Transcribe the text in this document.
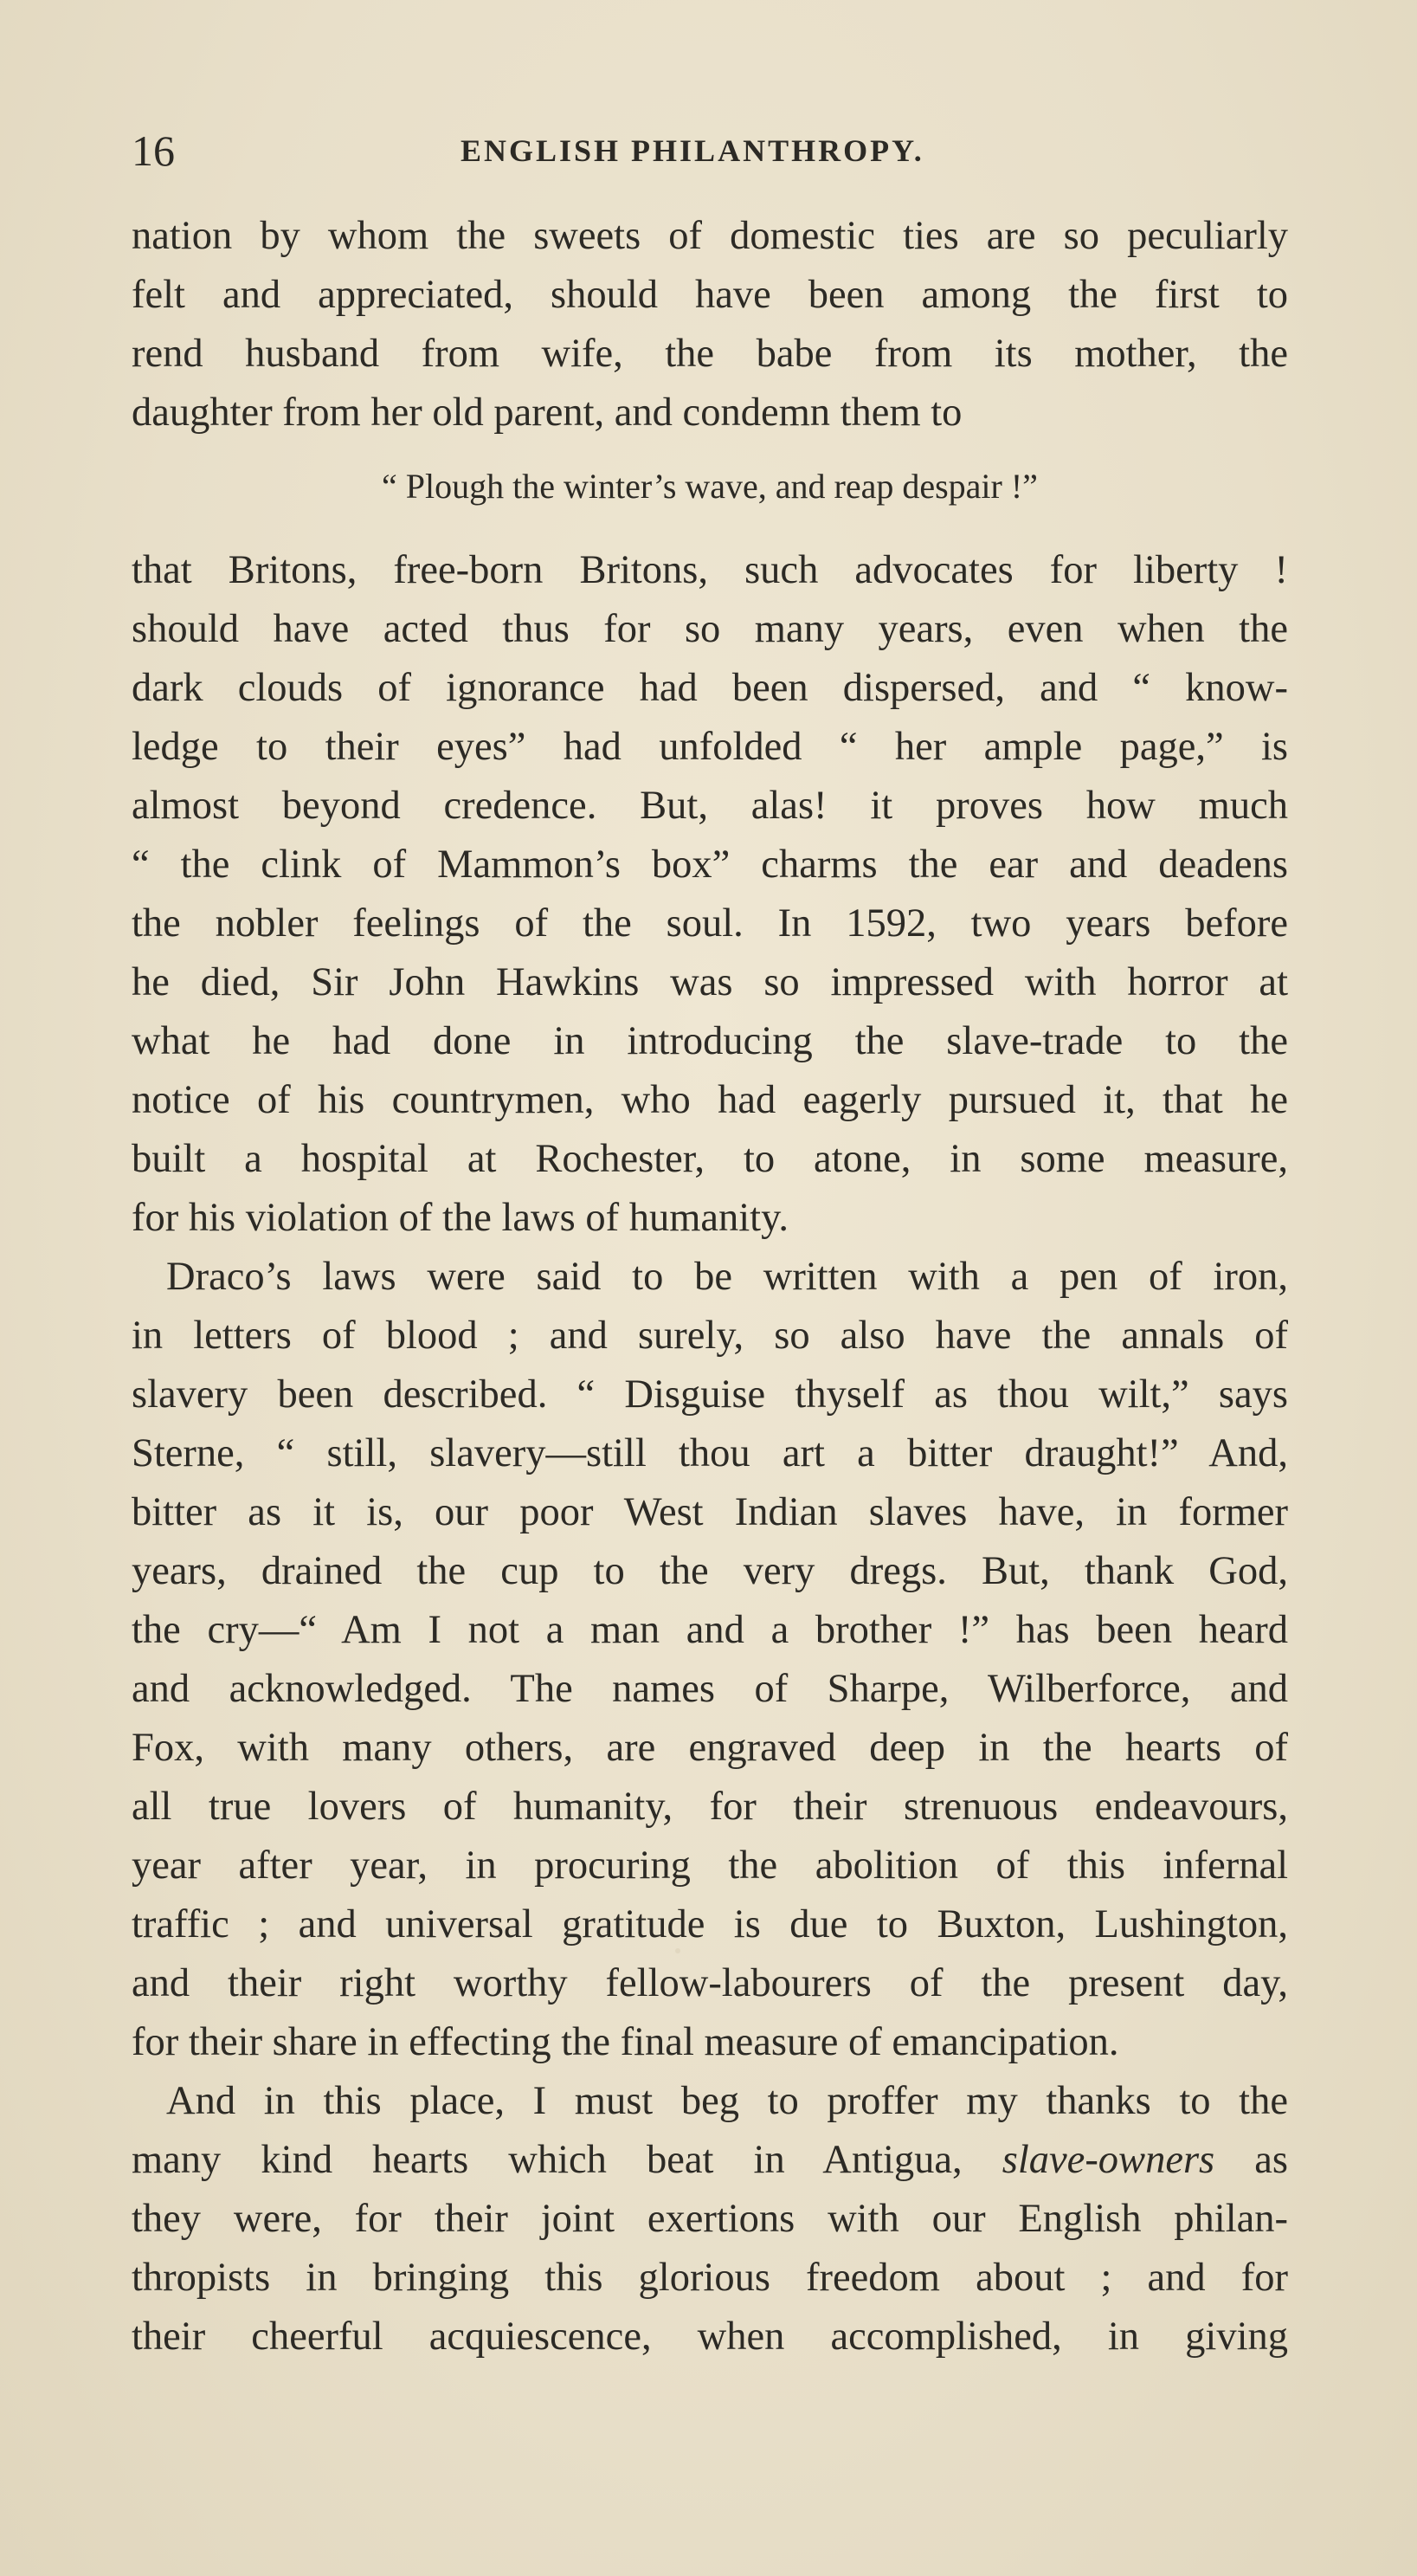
16	ENGLISH PHILANTHROPY.
nation by whom the sweets of domestic ties are so peculiarly
felt and appreciated, should have been among the first to
rend husband from wife, the babe from its mother, the
daughter from her old parent, and condemn them to
“ Plough the winter’s wave, and reap despair !”
that Britons, free-born Britons, such advocates for liberty !
should have acted thus for so many years, even when the
dark clouds of ignorance had been dispersed, and “ know-
ledge to their eyes” had unfolded “ her ample page,” is
almost beyond credence. But, alas! it proves how much
“ the clink of Mammon’s box” charms the ear and deadens
the nobler feelings of the soul. In 1592, two years before
he died, Sir John Hawkins was so impressed with horror at
what he had done in introducing the slave-trade to the
notice of his countrymen, who had eagerly pursued it, that he
built a hospital at Rochester, to atone, in some measure,
for his violation of the laws of humanity.
Draco’s laws were said to be written with a pen of iron,
in letters of blood ; and surely, so also have the annals of
slavery been described. “ Disguise thyself as thou wilt,” says
Sterne, “ still, slavery—still thou art a bitter draught!” And,
bitter as it is, our poor West Indian slaves have, in former
years, drained the cup to the very dregs. But, thank God,
the cry—“ Am I not a man and a brother !” has been heard
and acknowledged. The names of Sharpe, Wilberforce, and
Fox, with many others, are engraved deep in the hearts of
all true lovers of humanity, for their strenuous endeavours,
year after year, in procuring the abolition of this infernal
traffic ; and universal gratitude is due to Buxton, Lushington,
and their right worthy fellow-labourers of the present day,
for their share in effecting the final measure of emancipation.
And in this place, I must beg to proffer my thanks to the
many kind hearts which beat in Antigua, slave-owners as
they were, for their joint exertions with our English philan-
thropists in bringing this glorious freedom about ; and for
their cheerful acquiescence, when accomplished, in giving
